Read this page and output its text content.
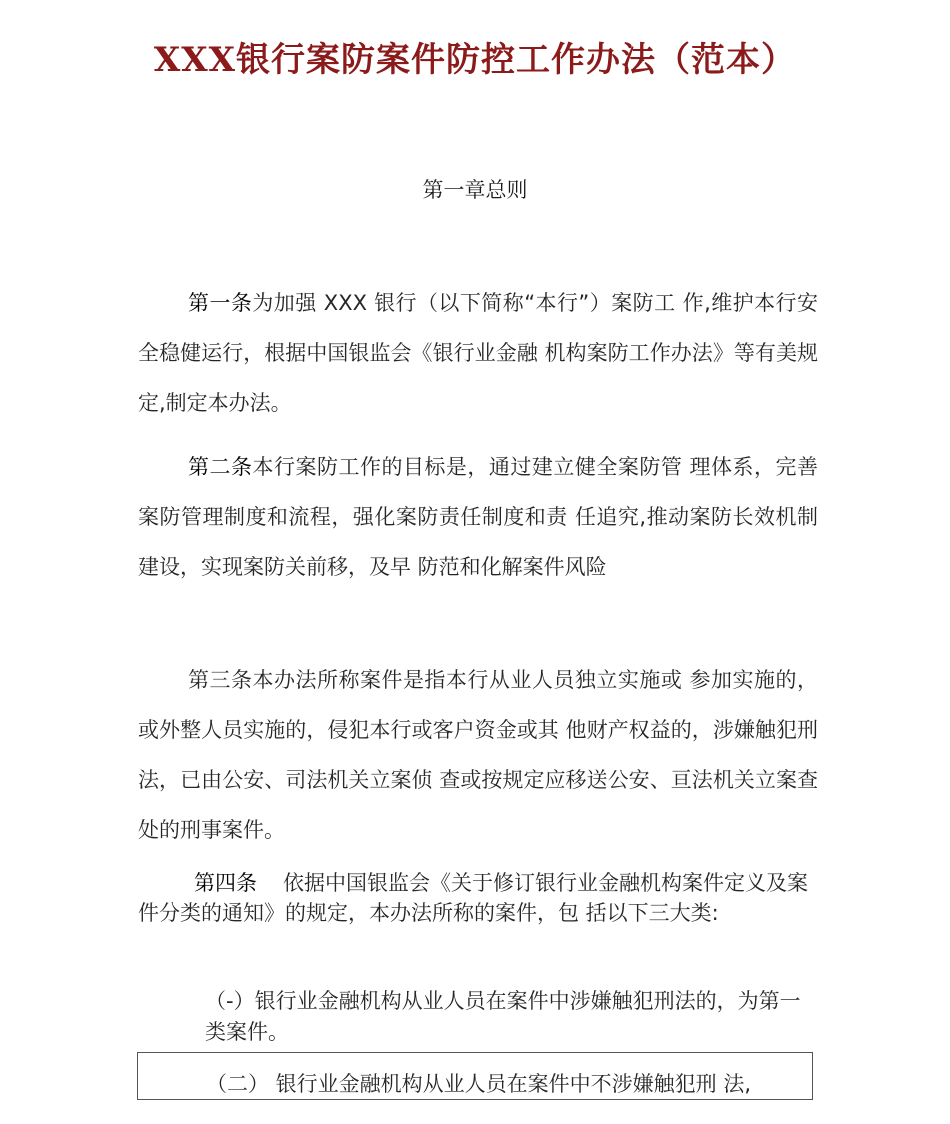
XXX银行案防案件防控工作办法（范本）
第一章总则

第一条为加强 XXX 银行（以下简称“本行”）案防工 作,维护本行安全稳健运行，根据中国银监会《银行业金融 机构案防工作办法》等有美规定,制定本办法。

第二条本行案防工作的目标是，通过建立健全案防管 理体系，完善案防管理制度和流程，强化案防责任制度和责 任追究,推动案防长效机制建设，实现案防关前移，及早 防范和化解案件风险

第三条本办法所称案件是指本行从业人员独立实施或 参加实施的，或外整人员实施的，侵犯本行或客户资金或其 他财产权益的，涉嫌触犯刑法，已由公安、司法机关立案侦 查或按规定应移送公安、亘法机关立案查处的刑事案件。

第四条 依据中国银监会《关于修订银行业金融机构案件定义及案件分类的通知》的规定，本办法所称的案件，包 括以下三大类:

（-）银行业金融机构从业人员在案件中涉嫌触犯刑法的，为第一类案件。

（二） 银行业金融机构从业人员在案件中不涉嫌触犯刑 法,
